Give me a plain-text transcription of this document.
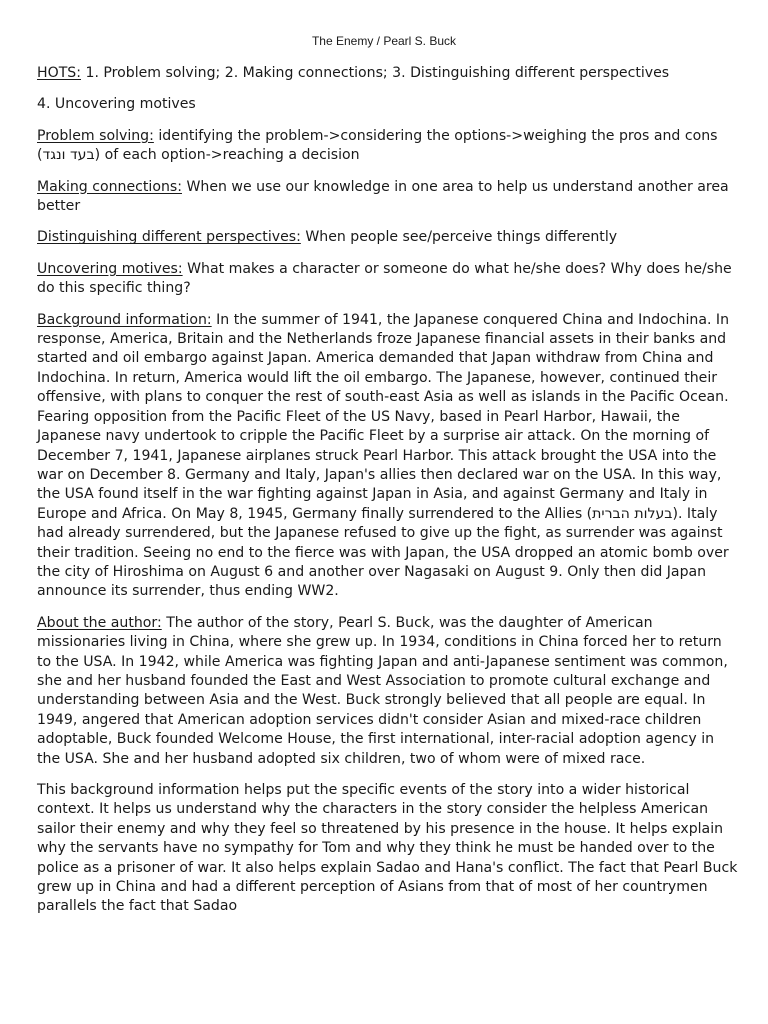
The Enemy / Pearl S. Buck

HOTS: 1. Problem solving; 2. Making connections; 3. Distinguishing different perspectives

4. Uncovering motives

Problem solving: identifying the problem->considering the options->weighing the pros and cons (בעד ונגד) of each option->reaching a decision

Making connections: When we use our knowledge in one area to help us understand another area better

Distinguishing different perspectives: When people see/perceive things differently

Uncovering motives: What makes a character or someone do what he/she does? Why does he/she do this specific thing?

Background information: In the summer of 1941, the Japanese conquered China and Indochina. In response, America, Britain and the Netherlands froze Japanese financial assets in their banks and started and oil embargo against Japan. America demanded that Japan withdraw from China and Indochina. In return, America would lift the oil embargo. The Japanese, however, continued their offensive, with plans to conquer the rest of south-east Asia as well as islands in the Pacific Ocean. Fearing opposition from the Pacific Fleet of the US Navy, based in Pearl Harbor, Hawaii, the Japanese navy undertook to cripple the Pacific Fleet by a surprise air attack. On the morning of December 7, 1941, Japanese airplanes struck Pearl Harbor. This attack brought the USA into the war on December 8. Germany and Italy, Japan's allies then declared war on the USA. In this way, the USA found itself in the war fighting against Japan in Asia, and against Germany and Italy in Europe and Africa. On May 8, 1945, Germany finally surrendered to the Allies (בעלות הברית). Italy had already surrendered, but the Japanese refused to give up the fight, as surrender was against their tradition. Seeing no end to the fierce was with Japan, the USA dropped an atomic bomb over the city of Hiroshima on August 6 and another over Nagasaki on August 9. Only then did Japan announce its surrender, thus ending WW2.

About the author: The author of the story, Pearl S. Buck, was the daughter of American missionaries living in China, where she grew up. In 1934, conditions in China forced her to return to the USA. In 1942, while America was fighting Japan and anti-Japanese sentiment was common, she and her husband founded the East and West Association to promote cultural exchange and understanding between Asia and the West. Buck strongly believed that all people are equal. In 1949, angered that American adoption services didn't consider Asian and mixed-race children adoptable, Buck founded Welcome House, the first international, inter-racial adoption agency in the USA. She and her husband adopted six children, two of whom were of mixed race.

This background information helps put the specific events of the story into a wider historical context. It helps us understand why the characters in the story consider the helpless American sailor their enemy and why they feel so threatened by his presence in the house. It helps explain why the servants have no sympathy for Tom and why they think he must be handed over to the police as a prisoner of war. It also helps explain Sadao and Hana's conflict. The fact that Pearl Buck grew up in China and had a different perception of Asians from that of most of her countrymen parallels the fact that Sadao
